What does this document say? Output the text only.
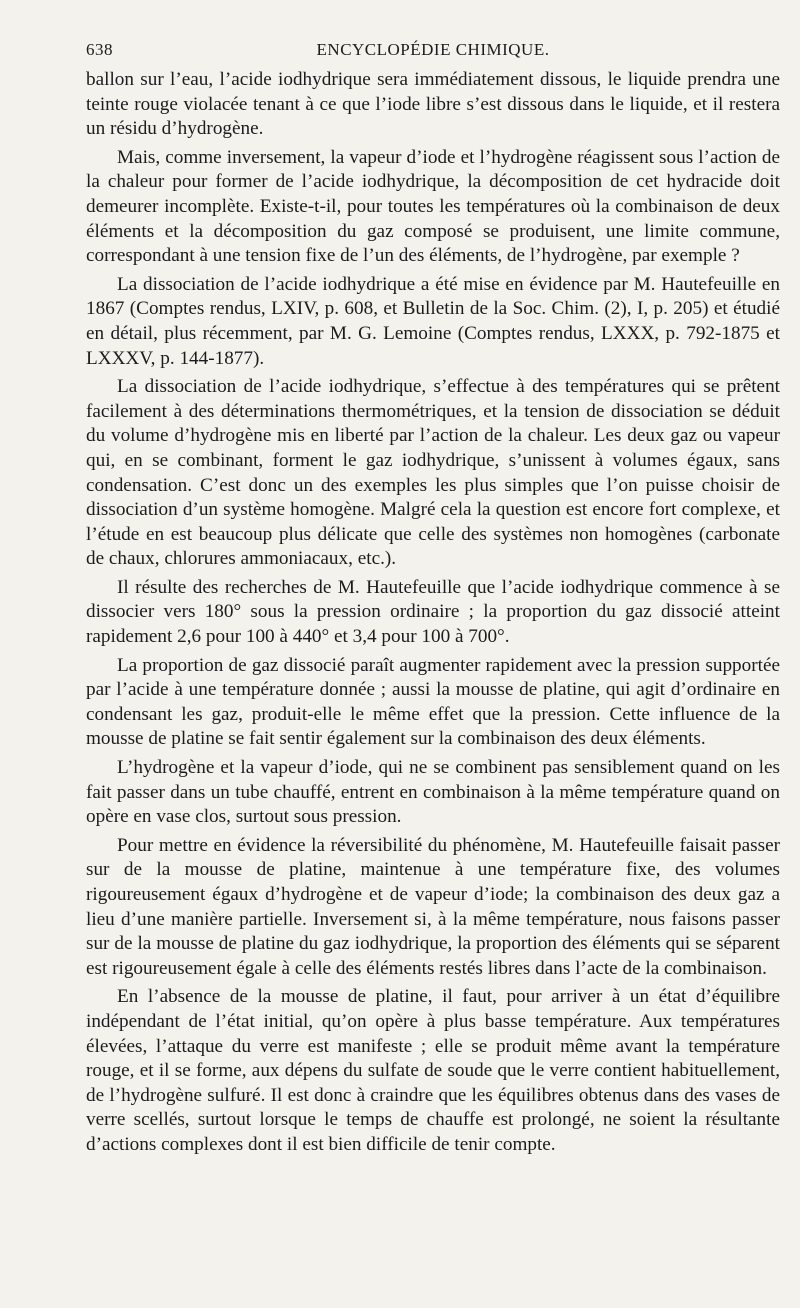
638	ENCYCLOPÉDIE CHIMIQUE.

ballon sur l’eau, l’acide iodhydrique sera immédiatement dissous, le liquide prendra une teinte rouge violacée tenant à ce que l’iode libre s’est dissous dans le liquide, et il restera un résidu d’hydrogène.

Mais, comme inversement, la vapeur d’iode et l’hydrogène réagissent sous l’action de la chaleur pour former de l’acide iodhydrique, la décomposition de cet hydracide doit demeurer incomplète. Existe-t-il, pour toutes les températures où la combinaison de deux éléments et la décomposition du gaz composé se produisent, une limite commune, correspondant à une tension fixe de l’un des éléments, de l’hydrogène, par exemple ?

La dissociation de l’acide iodhydrique a été mise en évidence par M. Hautefeuille en 1867 (Comptes rendus, LXIV, p. 608, et Bulletin de la Soc. Chim. (2), I, p. 205) et étudié en détail, plus récemment, par M. G. Lemoine (Comptes rendus, LXXX, p. 792-1875 et LXXXV, p. 144-1877).

La dissociation de l’acide iodhydrique, s’effectue à des températures qui se prêtent facilement à des déterminations thermométriques, et la tension de dissociation se déduit du volume d’hydrogène mis en liberté par l’action de la chaleur. Les deux gaz ou vapeur qui, en se combinant, forment le gaz iodhydrique, s’unissent à volumes égaux, sans condensation. C’est donc un des exemples les plus simples que l’on puisse choisir de dissociation d’un système homogène. Malgré cela la question est encore fort complexe, et l’étude en est beaucoup plus délicate que celle des systèmes non homogènes (carbonate de chaux, chlorures ammoniacaux, etc.).

Il résulte des recherches de M. Hautefeuille que l’acide iodhydrique commence à se dissocier vers 180° sous la pression ordinaire ; la proportion du gaz dissocié atteint rapidement 2,6 pour 100 à 440° et 3,4 pour 100 à 700°.

La proportion de gaz dissocié paraît augmenter rapidement avec la pression supportée par l’acide à une température donnée ; aussi la mousse de platine, qui agit d’ordinaire en condensant les gaz, produit-elle le même effet que la pression. Cette influence de la mousse de platine se fait sentir également sur la combinaison des deux éléments.

L’hydrogène et la vapeur d’iode, qui ne se combinent pas sensiblement quand on les fait passer dans un tube chauffé, entrent en combinaison à la même température quand on opère en vase clos, surtout sous pression.

Pour mettre en évidence la réversibilité du phénomène, M. Hautefeuille faisait passer sur de la mousse de platine, maintenue à une température fixe, des volumes rigoureusement égaux d’hydrogène et de vapeur d’iode; la combinaison des deux gaz a lieu d’une manière partielle. Inversement si, à la même température, nous faisons passer sur de la mousse de platine du gaz iodhydrique, la proportion des éléments qui se séparent est rigoureusement égale à celle des éléments restés libres dans l’acte de la combinaison.

En l’absence de la mousse de platine, il faut, pour arriver à un état d’équilibre indépendant de l’état initial, qu’on opère à plus basse température. Aux températures élevées, l’attaque du verre est manifeste ; elle se produit même avant la température rouge, et il se forme, aux dépens du sulfate de soude que le verre contient habituellement, de l’hydrogène sulfuré. Il est donc à craindre que les équilibres obtenus dans des vases de verre scellés, surtout lorsque le temps de chauffe est prolongé, ne soient la résultante d’actions complexes dont il est bien difficile de tenir compte.
